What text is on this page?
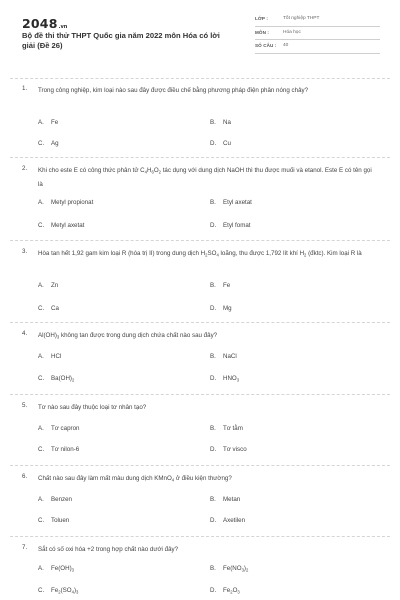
$2048_{.vn}$
Bộ đề thi thử THPT Quốc gia năm 2022 môn Hóa có lời giải (Đề 26)
LỚP :	Tốt nghiệp THPT
MÔN :	Hóa học
SỐ CÂU : 40
1. Trong công nghiệp, kim loại nào sau đây được điều chế bằng phương pháp điện phân nóng chảy?
A. Fe	B. Na
C. Ag	D. Cu
2. Khi cho este E có công thức phân tử $C_4H_6O_2$ tác dụng với dung dịch NaOH thì thu được muối và etanol. Este E có tên gọi là
A. Metyl propionat	B. Etyl axetat
C. Metyl axetat	D. Etyl fomat
3. Hòa tan hết 1,92 gam kim loại R (hóa trị II) trong dung dịch $H_2SO_4$ loãng, thu được 1,792 lít khí $H_2$ (đktc). Kim loại R là
A. Zn	B. Fe
C. Ca	D. Mg
4. $Al(OH)_3$ không tan được trong dung dịch chứa chất nào sau đây?
A. HCl	B. NaCl
C. $Ba(OH)_2$	D. $HNO_3$
5. Tơ nào sau đây thuộc loại tơ nhân tạo?
A. Tơ capron	B. Tơ tằm
C. Tơ nilon-6	D. Tơ visco
6. Chất nào sau đây làm mất màu dung dịch KMnO$_4$ ở điều kiện thường?
A. Benzen	B. Metan
C. Toluen	D. Axetilen
7. Sắt có số oxi hóa +2 trong hợp chất nào dưới đây?
A. $Fe(OH)_3$	B. $Fe(NO_3)_2$
C. $Fe_2(SO_4)_3$	D. $Fe_2O_3$
